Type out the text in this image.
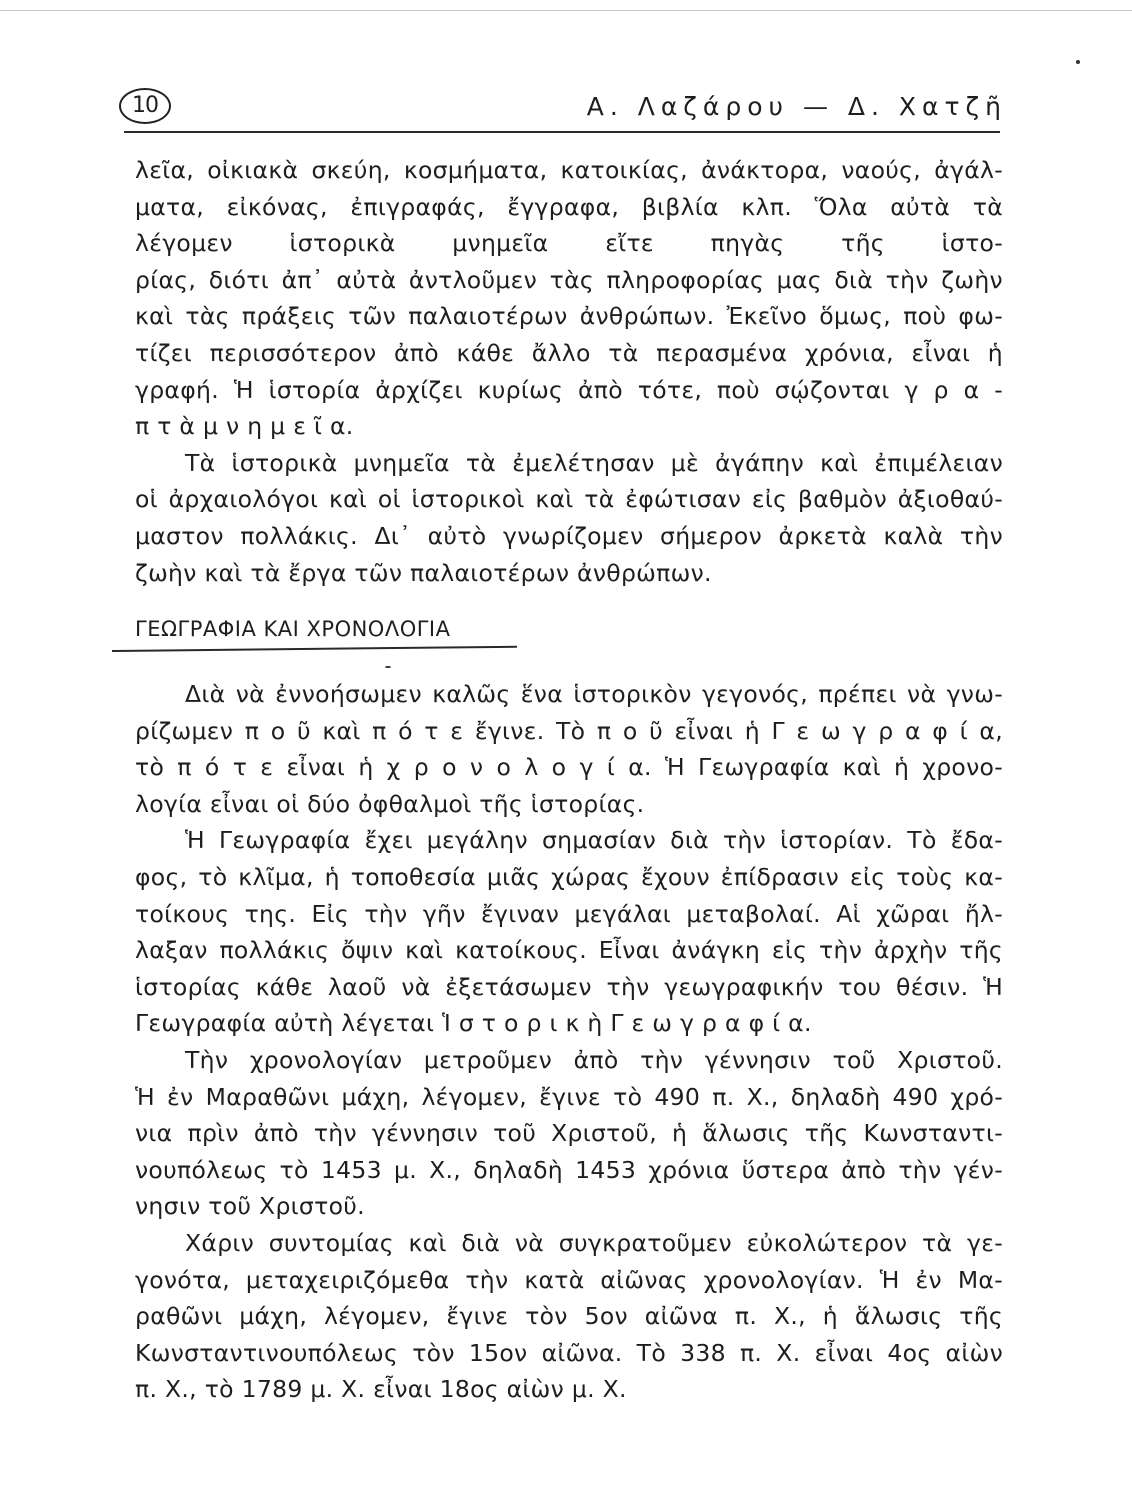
10	Α. Λαζάρου — Δ. Χατζῆ
λεῖα, οἰκιακὰ σκεύη, κοσμήματα, κατοικίας, ἀνάκτορα, ναούς, ἀγάλ-
ματα, εἰκόνας, ἐπιγραφάς, ἔγγραφα, βιβλία κλπ. Ὅλα αὐτὰ τὰ
λέγομεν ἱστορικὰ μνημεῖα εἴτε πηγὰς τῆς ἱστο-
ρίας, διότι ἀπ᾽ αὐτὰ ἀντλοῦμεν τὰς πληροφορίας μας διὰ τὴν ζωὴν
καὶ τὰς πράξεις τῶν παλαιοτέρων ἀνθρώπων. Ἐκεῖνο ὅμως, ποὺ φω-
τίζει περισσότερον ἀπὸ κάθε ἄλλο τὰ περασμένα χρόνια, εἶναι ἡ
γραφή. Ἡ ἱστορία ἀρχίζει κυρίως ἀπὸ τότε, ποὺ σῴζονται γ ρ α -
π τ ὰ μ ν η μ ε ῖ α.
Τὰ ἱστορικὰ μνημεῖα τὰ ἐμελέτησαν μὲ ἀγάπην καὶ ἐπιμέλειαν
οἱ ἀρχαιολόγοι καὶ οἱ ἱστορικοὶ καὶ τὰ ἐφώτισαν εἰς βαθμὸν ἀξιοθαύ-
μαστον πολλάκις. Δι᾽ αὐτὸ γνωρίζομεν σήμερον ἀρκετὰ καλὰ τὴν
ζωὴν καὶ τὰ ἔργα τῶν παλαιοτέρων ἀνθρώπων.
ΓΕΩΓΡΑΦΙΑ ΚΑΙ ΧΡΟΝΟΛΟΓΙΑ
Διὰ νὰ ἐννοήσωμεν καλῶς ἕνα ἱστορικὸν γεγονός, πρέπει νὰ γνω-
ρίζωμεν π ο ῦ καὶ π ό τ ε ἔγινε. Τὸ π ο ῦ εἶναι ἡ Γ ε ω γ ρ α φ ί α,
τὸ π ό τ ε εἶναι ἡ χ ρ ο ν ο λ ο γ ί α. Ἡ Γεωγραφία καὶ ἡ χρονο-
λογία εἶναι οἱ δύο ὀφθαλμοὶ τῆς ἱστορίας.
Ἡ Γεωγραφία ἔχει μεγάλην σημασίαν διὰ τὴν ἱστορίαν. Τὸ ἔδα-
φος, τὸ κλῖμα, ἡ τοποθεσία μιᾶς χώρας ἔχουν ἐπίδρασιν εἰς τοὺς κα-
τοίκους της. Εἰς τὴν γῆν ἔγιναν μεγάλαι μεταβολαί. Αἱ χῶραι ἤλ-
λαξαν πολλάκις ὄψιν καὶ κατοίκους. Εἶναι ἀνάγκη εἰς τὴν ἀρχὴν τῆς
ἱστορίας κάθε λαοῦ νὰ ἐξετάσωμεν τὴν γεωγραφικήν του θέσιν. Ἡ
Γεωγραφία αὐτὴ λέγεται Ἱ σ τ ο ρ ι κ ὴ Γ ε ω γ ρ α φ ί α.
Τὴν χρονολογίαν μετροῦμεν ἀπὸ τὴν γέννησιν τοῦ Χριστοῦ.
Ἡ ἐν Μαραθῶνι μάχη, λέγομεν, ἔγινε τὸ 490 π. Χ., δηλαδὴ 490 χρό-
νια πρὶν ἀπὸ τὴν γέννησιν τοῦ Χριστοῦ, ἡ ἅλωσις τῆς Κωνσταντι-
νουπόλεως τὸ 1453 μ. Χ., δηλαδὴ 1453 χρόνια ὕστερα ἀπὸ τὴν γέν-
νησιν τοῦ Χριστοῦ.
Χάριν συντομίας καὶ διὰ νὰ συγκρατοῦμεν εὐκολώτερον τὰ γε-
γονότα, μεταχειριζόμεθα τὴν κατὰ αἰῶνας χρονολογίαν. Ἡ ἐν Μα-
ραθῶνι μάχη, λέγομεν, ἔγινε τὸν 5ον αἰῶνα π. Χ., ἡ ἅλωσις τῆς
Κωνσταντινουπόλεως τὸν 15ον αἰῶνα. Τὸ 338 π. Χ. εἶναι 4ος αἰὼν
π. Χ., τὸ 1789 μ. Χ. εἶναι 18ος αἰὼν μ. Χ.
